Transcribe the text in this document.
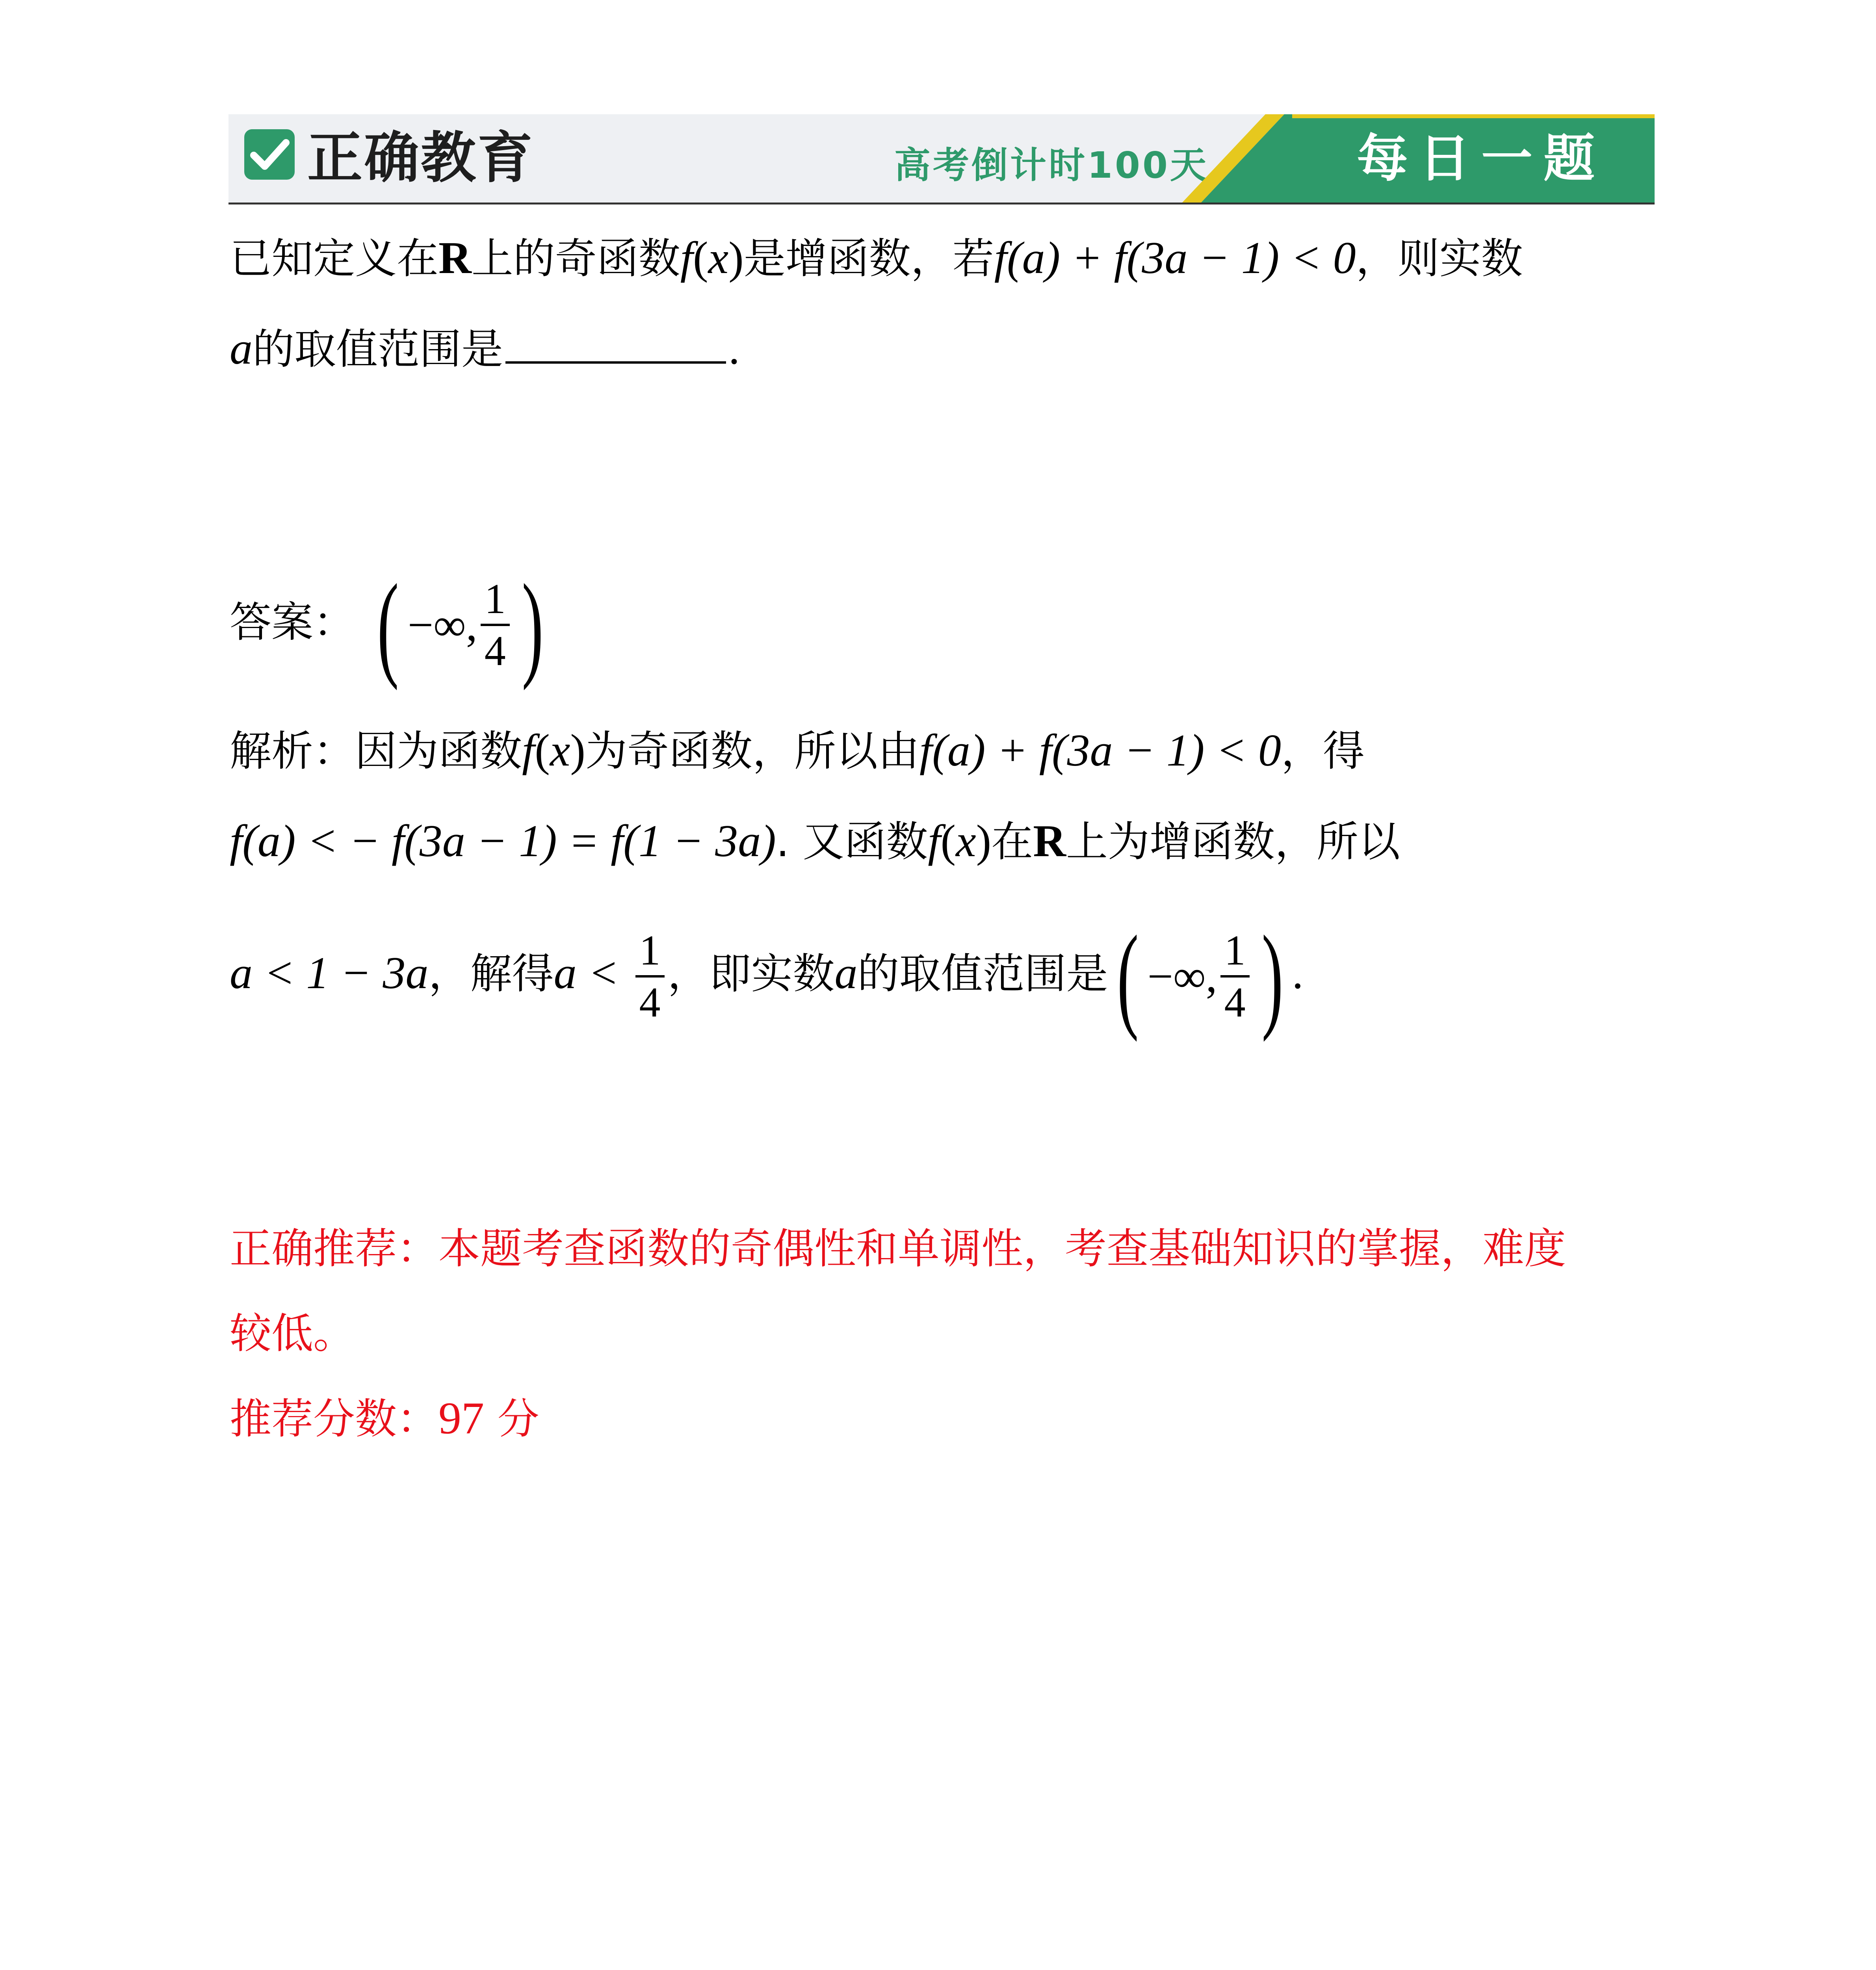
正确教育	高考倒计时100天	每日一题
已知定义在R上的奇函数f(x)是增函数，若f(a) + f(3a − 1) < 0，则实数
a的取值范围是	.
答案： ( −∞, $\frac{1}{4}$ )
解析：因为函数f(x)为奇函数，所以由f(a) + f(3a − 1) < 0，得
f(a) < − f(3a − 1) = f(1 − 3a). 又函数f(x)在R上为增函数，所以
a < 1 − 3a，解得$a < \frac{1}{4}$ ，即实数a的取值范围是 ( −∞, $\frac{1}{4}$ ) .
正确推荐：本题考查函数的奇偶性和单调性，考查基础知识的掌握，难度
较低。
推荐分数：97 分
